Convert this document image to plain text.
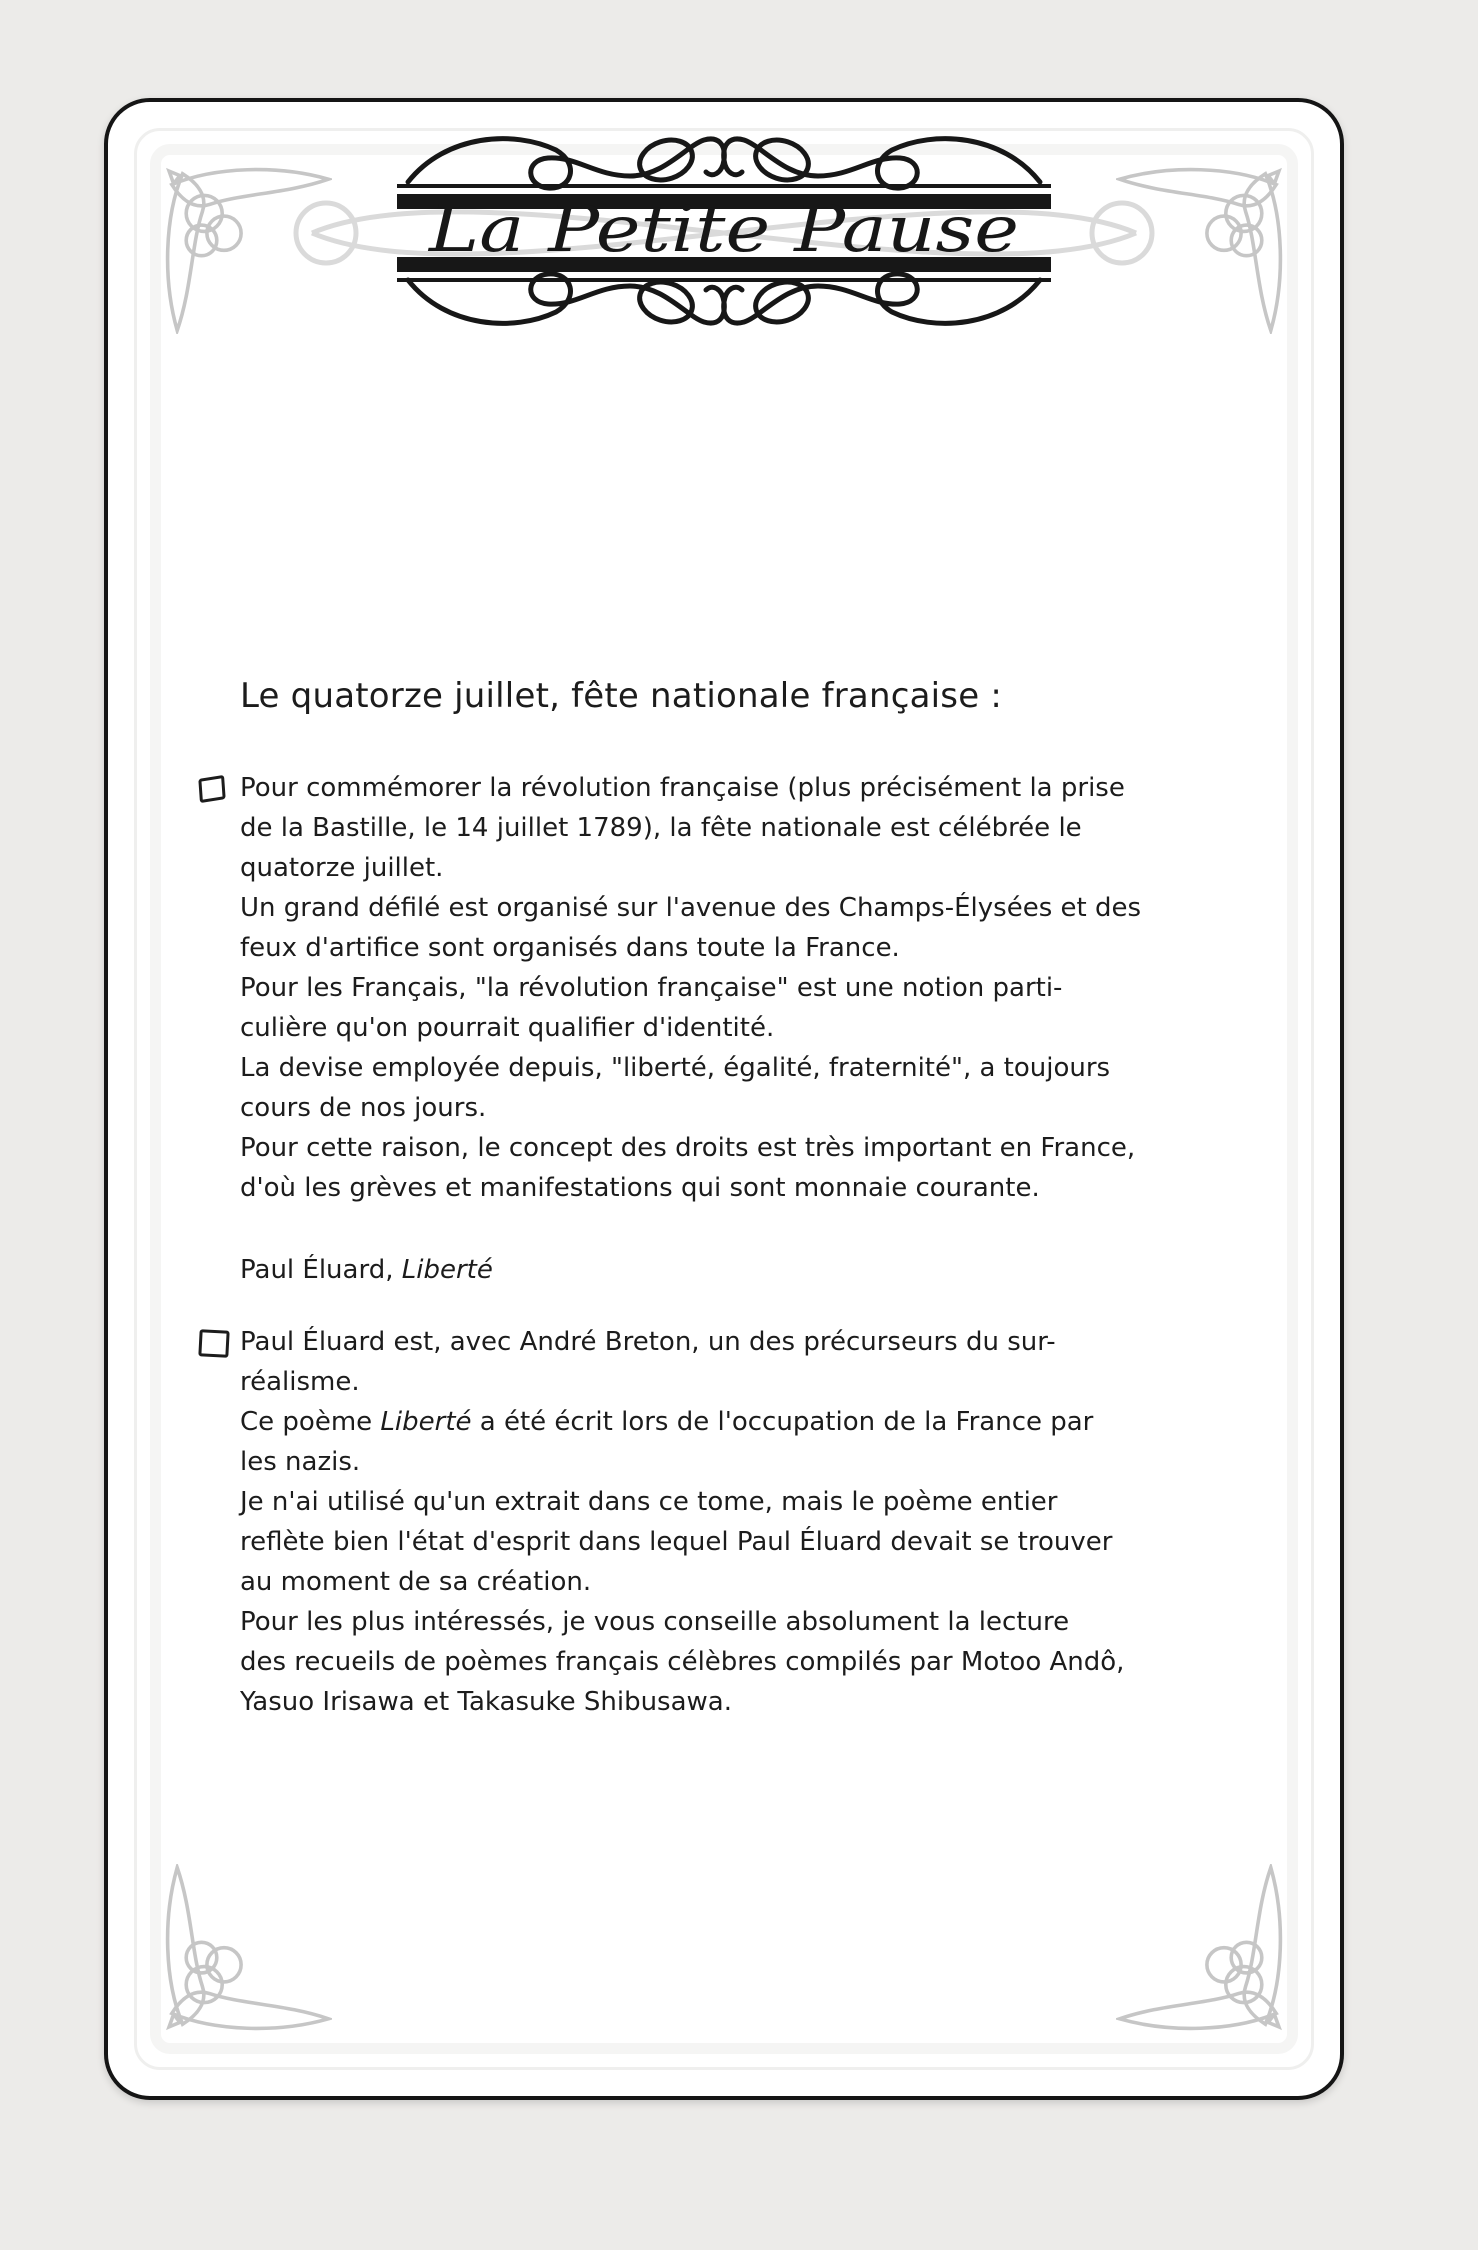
La Petite Pause
Le quatorze juillet, fête nationale française :
Pour commémorer la révolution française (plus précisément la prise
de la Bastille, le 14 juillet 1789), la fête nationale est célébrée le
quatorze juillet.
Un grand défilé est organisé sur l'avenue des Champs-Élysées et des
feux d'artifice sont organisés dans toute la France.
Pour les Français, "la révolution française" est une notion parti-
culière qu'on pourrait qualifier d'identité.
La devise employée depuis, "liberté, égalité, fraternité", a toujours
cours de nos jours.
Pour cette raison, le concept des droits est très important en France,
d'où les grèves et manifestations qui sont monnaie courante.
Paul Éluard, Liberté
Paul Éluard est, avec André Breton, un des précurseurs du sur-
réalisme.
Ce poème Liberté a été écrit lors de l'occupation de la France par
les nazis.
Je n'ai utilisé qu'un extrait dans ce tome, mais le poème entier
reflète bien l'état d'esprit dans lequel Paul Éluard devait se trouver
au moment de sa création.
Pour les plus intéressés, je vous conseille absolument la lecture
des recueils de poèmes français célèbres compilés par Motoo Andô,
Yasuo Irisawa et Takasuke Shibusawa.
